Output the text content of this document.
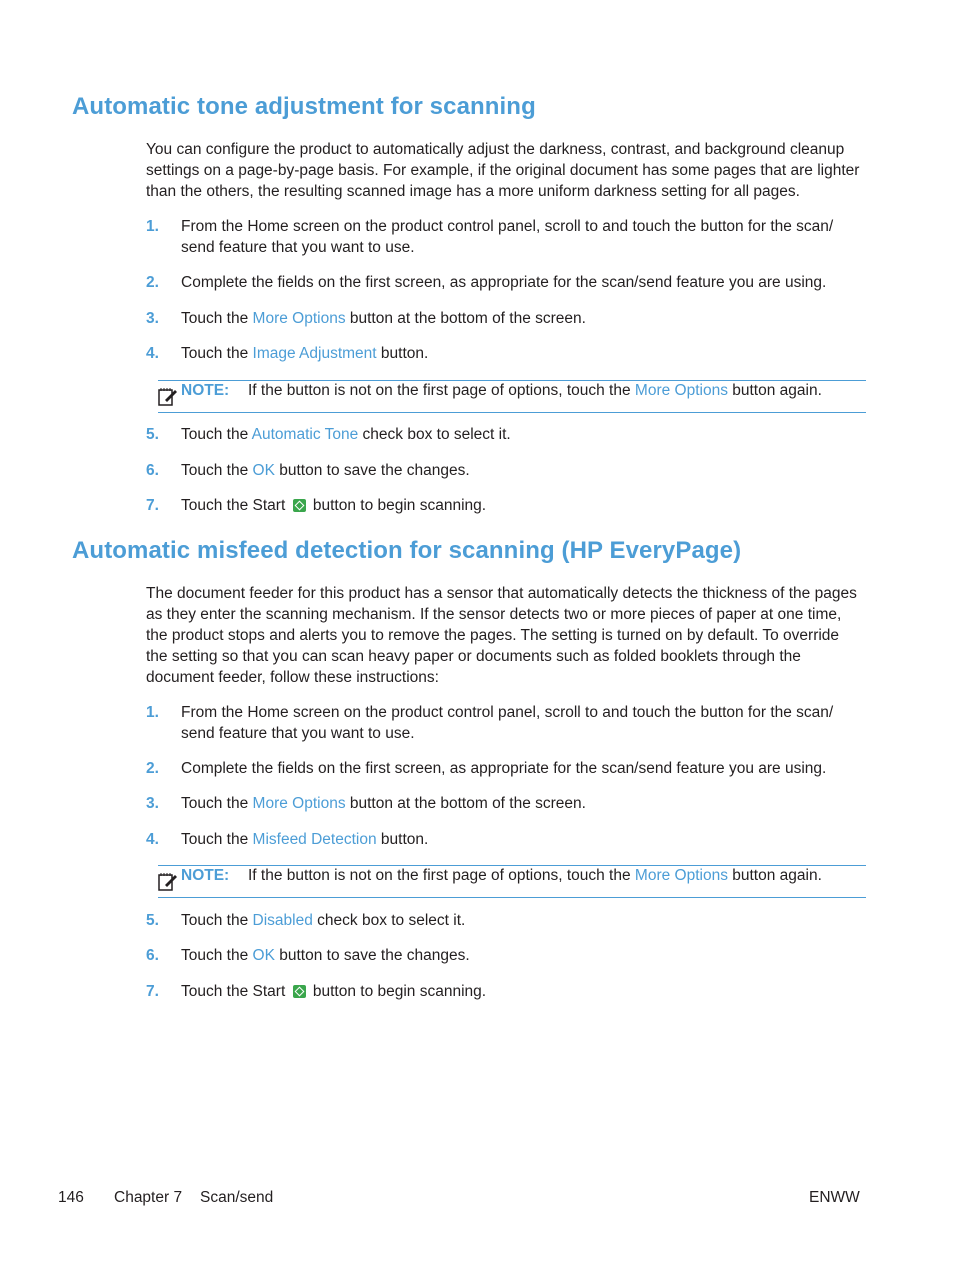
Automatic tone adjustment for scanning

You can configure the product to automatically adjust the darkness, contrast, and background cleanup settings on a page-by-page basis. For example, if the original document has some pages that are lighter than the others, the resulting scanned image has a more uniform darkness setting for all pages.

1. From the Home screen on the product control panel, scroll to and touch the button for the scan/ send feature that you want to use.
2. Complete the fields on the first screen, as appropriate for the scan/send feature you are using.
3. Touch the More Options button at the bottom of the screen.
4. Touch the Image Adjustment button.
NOTE: If the button is not on the first page of options, touch the More Options button again.
5. Touch the Automatic Tone check box to select it.
6. Touch the OK button to save the changes.
7. Touch the Start  button to begin scanning.
Automatic misfeed detection for scanning (HP EveryPage)

The document feeder for this product has a sensor that automatically detects the thickness of the pages as they enter the scanning mechanism. If the sensor detects two or more pieces of paper at one time, the product stops and alerts you to remove the pages. The setting is turned on by default. To override the setting so that you can scan heavy paper or documents such as folded booklets through the document feeder, follow these instructions:

1. From the Home screen on the product control panel, scroll to and touch the button for the scan/ send feature that you want to use.
2. Complete the fields on the first screen, as appropriate for the scan/send feature you are using.
3. Touch the More Options button at the bottom of the screen.
4. Touch the Misfeed Detection button.
NOTE: If the button is not on the first page of options, touch the More Options button again.
5. Touch the Disabled check box to select it.
6. Touch the OK button to save the changes.
7. Touch the Start  button to begin scanning.
146 Chapter 7 Scan/send	ENWW
